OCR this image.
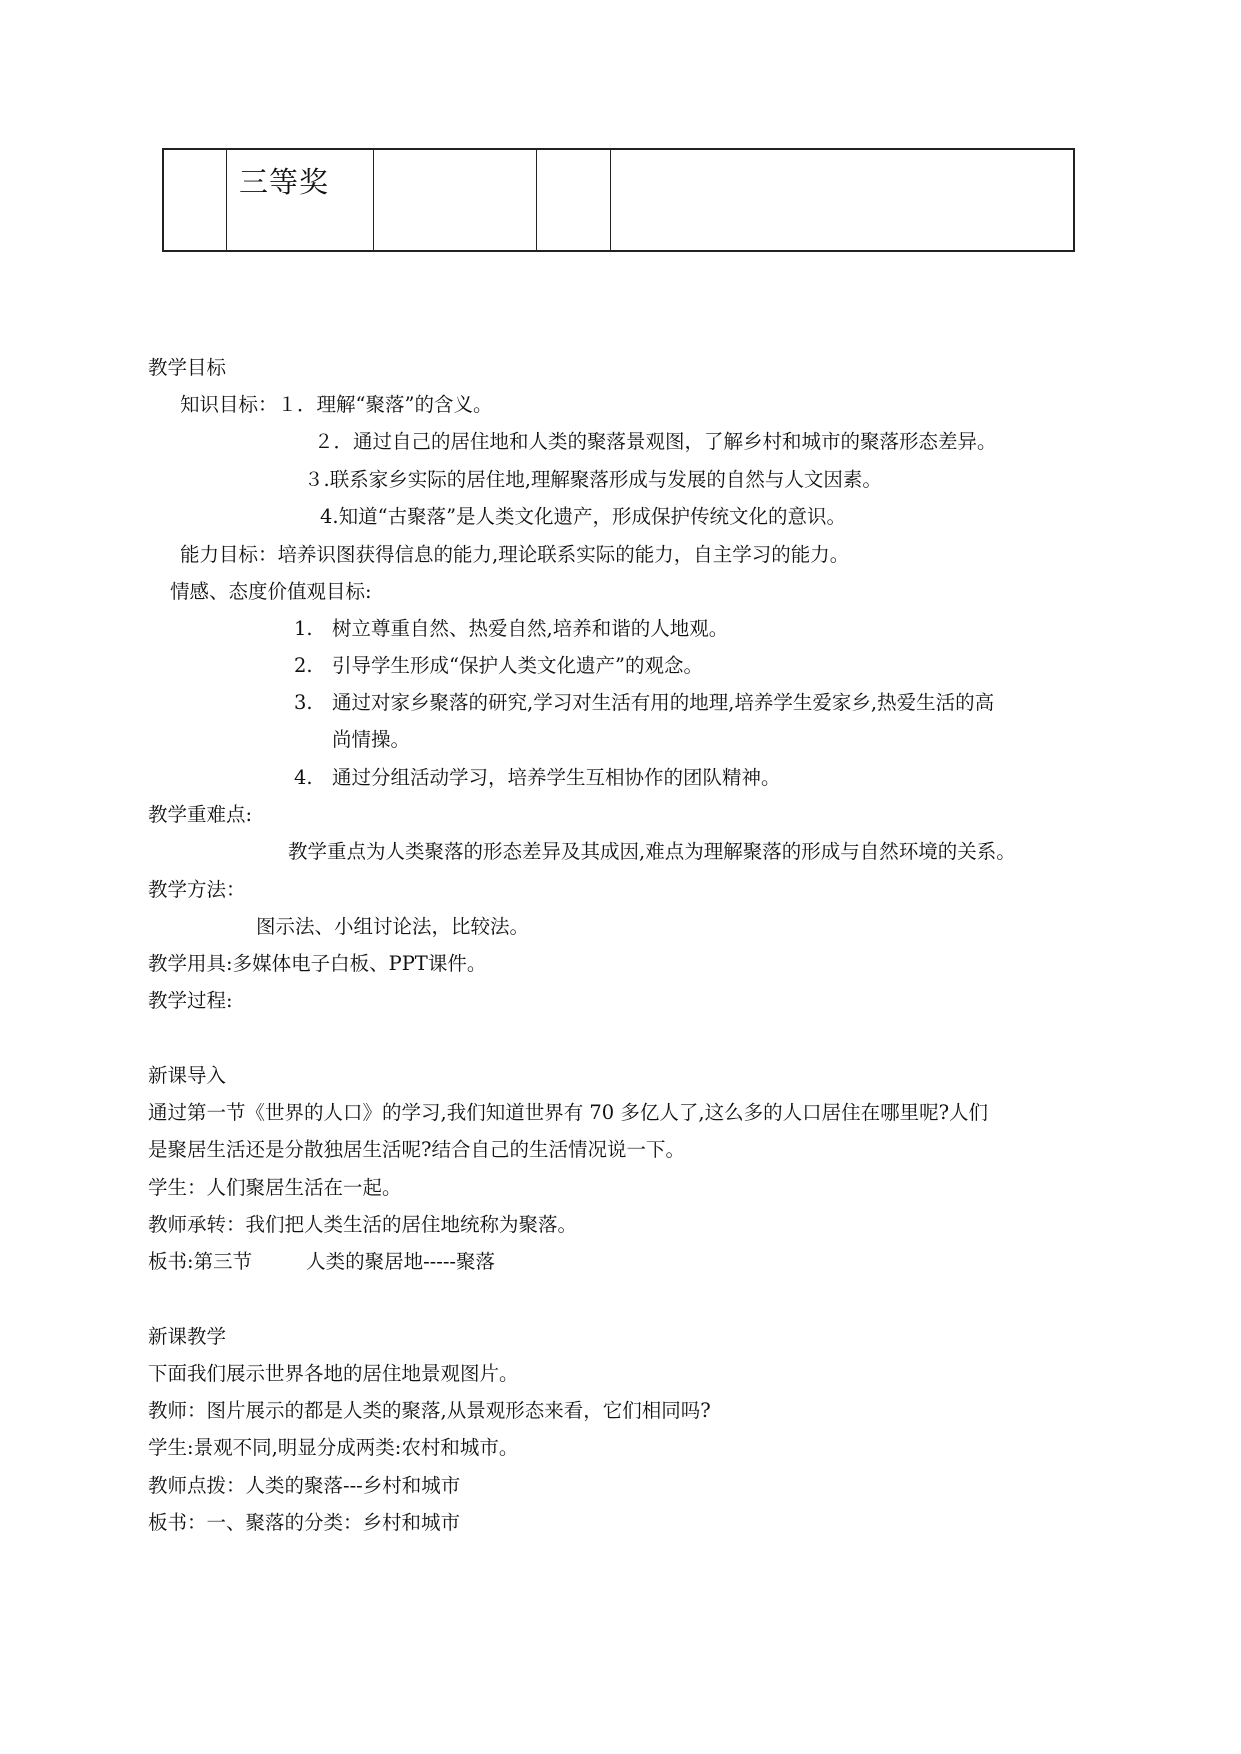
三等奖

教学目标
知识目标：１．理解“聚落”的含义。
２．通过自己的居住地和人类的聚落景观图，了解乡村和城市的聚落形态差异。
３.联系家乡实际的居住地,理解聚落形成与发展的自然与人文因素。
4.知道“古聚落”是人类文化遗产，形成保护传统文化的意识。
能力目标：培养识图获得信息的能力,理论联系实际的能力，自主学习的能力。
情感、态度价值观目标:
1. 树立尊重自然、热爱自然,培养和谐的人地观。
2. 引导学生形成“保护人类文化遗产”的观念。
3. 通过对家乡聚落的研究,学习对生活有用的地理,培养学生爱家乡,热爱生活的高
尚情操。
4. 通过分组活动学习，培养学生互相协作的团队精神。
教学重难点:
教学重点为人类聚落的形态差异及其成因,难点为理解聚落的形成与自然环境的关系。
教学方法：
图示法、小组讨论法，比较法。
教学用具:多媒体电子白板、PPT课件。
教学过程:
新课导入
通过第一节《世界的人口》的学习,我们知道世界有 70 多亿人了,这么多的人口居住在哪里呢?人们
是聚居生活还是分散独居生活呢?结合自己的生活情况说一下。
学生：人们聚居生活在一起。
教师承转：我们把人类生活的居住地统称为聚落。
板书:第三节	人类的聚居地-----聚落
新课教学
下面我们展示世界各地的居住地景观图片。
教师：图片展示的都是人类的聚落,从景观形态来看，它们相同吗?
学生:景观不同,明显分成两类:农村和城市。
教师点拨：人类的聚落---乡村和城市
板书：一、聚落的分类：乡村和城市
